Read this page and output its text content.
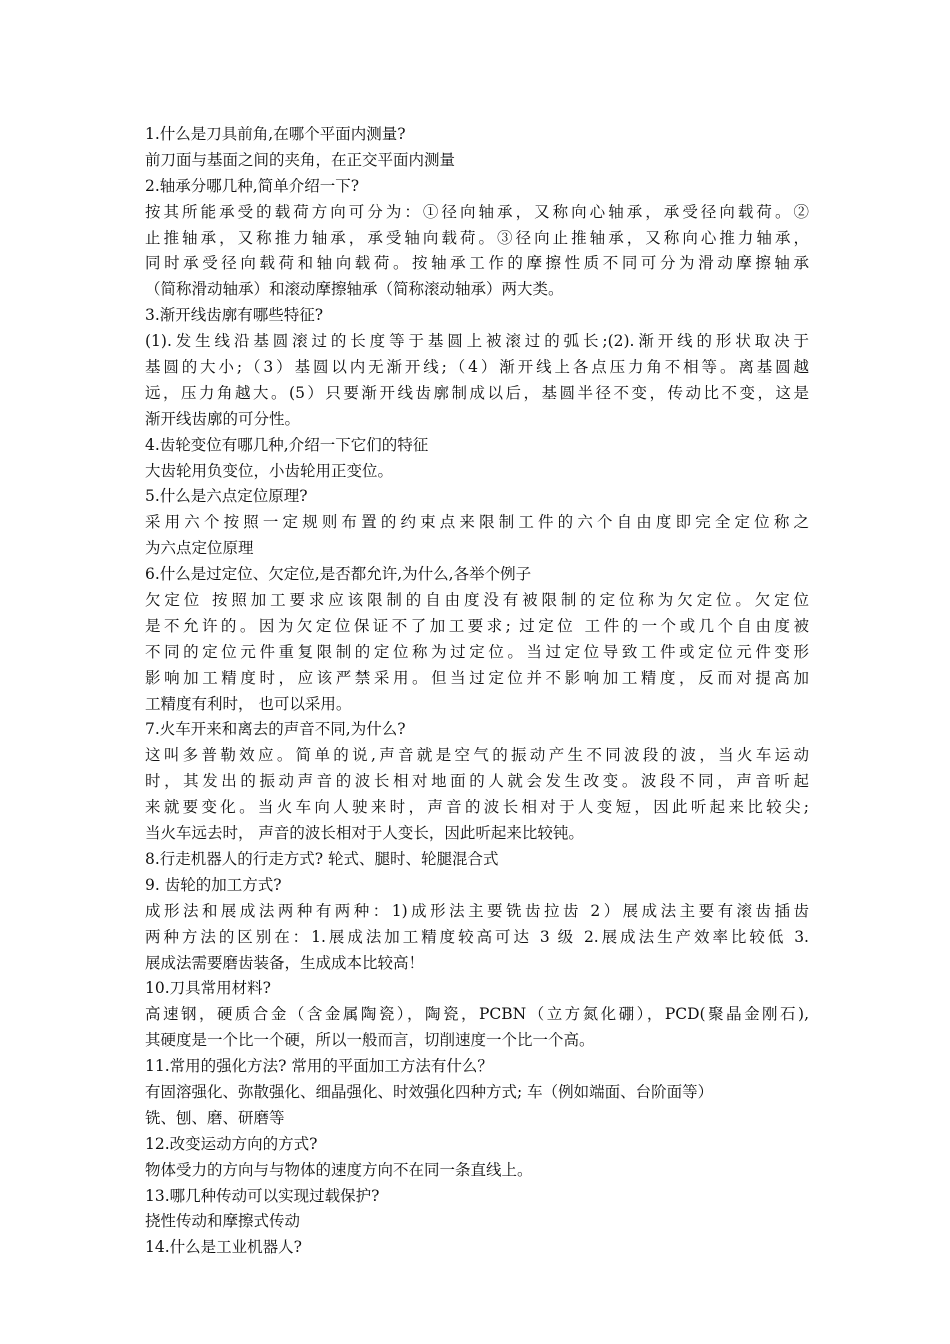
1.什么是刀具前角,在哪个平面内测量?
前刀面与基面之间的夹角，在正交平面内测量
2.轴承分哪几种,简单介绍一下?
按其所能承受的载荷方向可分为：①径向轴承，又称向心轴承，承受径向载荷。②
止推轴承，又称推力轴承，承受轴向载荷。③径向止推轴承，又称向心推力轴承，
同时承受径向载荷和轴向载荷。按轴承工作的摩擦性质不同可分为滑动摩擦轴承
（简称滑动轴承）和滚动摩擦轴承（简称滚动轴承）两大类。
3.渐开线齿廓有哪些特征?
(1).发生线沿基圆滚过的长度等于基圆上被滚过的弧长;(2).渐开线的形状取决于
基圆的大小;（3）基圆以内无渐开线;（4）渐开线上各点压力角不相等。离基圆越
远，压力角越大。(5）只要渐开线齿廓制成以后，基圆半径不变，传动比不变，这是
渐开线齿廓的可分性。
4.齿轮变位有哪几种,介绍一下它们的特征
大齿轮用负变位，小齿轮用正变位。
5.什么是六点定位原理?
采用六个按照一定规则布置的约束点来限制工件的六个自由度即完全定位称之
为六点定位原理
6.什么是过定位、欠定位,是否都允许,为什么,各举个例子
欠定位 按照加工要求应该限制的自由度没有被限制的定位称为欠定位。欠定位
是不允许的。因为欠定位保证不了加工要求; 过定位 工件的一个或几个自由度被
不同的定位元件重复限制的定位称为过定位。当过定位导致工件或定位元件变形
影响加工精度时，应该严禁采用。但当过定位并不影响加工精度，反而对提高加
工精度有利时， 也可以采用。
7.火车开来和离去的声音不同,为什么?
这叫多普勒效应。简单的说,声音就是空气的振动产生不同波段的波，当火车运动
时，其发出的振动声音的波长相对地面的人就会发生改变。波段不同，声音听起
来就要变化。当火车向人驶来时，声音的波长相对于人变短，因此听起来比较尖;
当火车远去时， 声音的波长相对于人变长，因此听起来比较钝。
8.行走机器人的行走方式? 轮式、腿时、轮腿混合式
9. 齿轮的加工方式?
成形法和展成法两种有两种：1)成形法主要铣齿拉齿 2）展成法主要有滚齿插齿
两种方法的区别在：1.展成法加工精度较高可达 3 级 2.展成法生产效率比较低 3.
展成法需要磨齿装备，生成成本比较高！
10.刀具常用材料?
高速钢，硬质合金（含金属陶瓷），陶瓷，PCBN（立方氮化硼），PCD(聚晶金刚石),
其硬度是一个比一个硬，所以一般而言，切削速度一个比一个高。
11.常用的强化方法? 常用的平面加工方法有什么？
有固溶强化、弥散强化、细晶强化、时效强化四种方式; 车（例如端面、台阶面等）
铣、刨、磨、研磨等
12.改变运动方向的方式?
物体受力的方向与与物体的速度方向不在同一条直线上。
13.哪几种传动可以实现过载保护?
挠性传动和摩擦式传动
14.什么是工业机器人?
